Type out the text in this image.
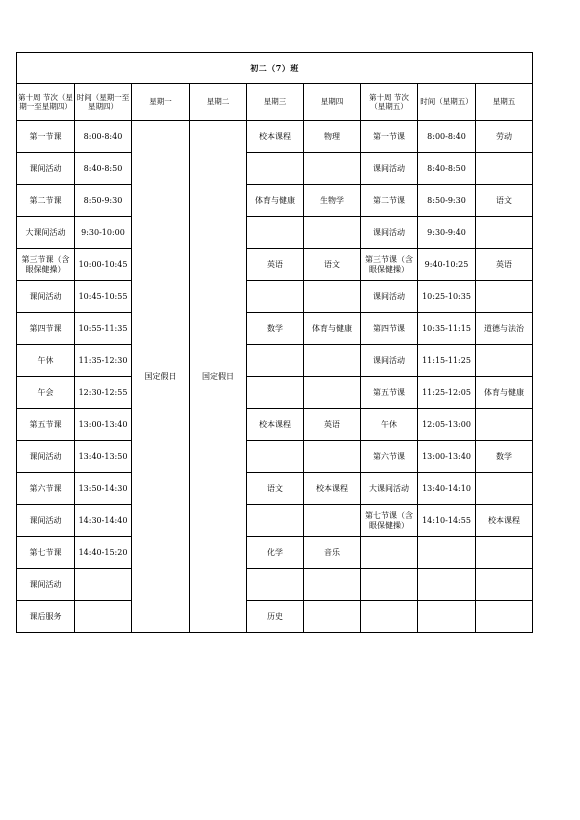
初二（7）班								
第十周 节次（星期一至星期四）	时间（星期一至星期四）	星期一	星期二	星期三	星期四	第十周 节次（星期五）	时间（星期五）	星期五
第一节课	8:00-8:40	国定假日	国定假日	校本课程	物理	第一节课	8:00-8:40	劳动
课间活动	8:40-8:50					课间活动	8:40-8:50	
第二节课	8:50-9:30			体育与健康	生物学	第二节课	8:50-9:30	语文
大课间活动	9:30-10:00					课间活动	9:30-9:40	
第三节课（含眼保健操）	10:00-10:45			英语	语文	第三节课（含眼保健操）	9:40-10:25	英语
课间活动	10:45-10:55					课间活动	10:25-10:35	
第四节课	10:55-11:35			数学	体育与健康	第四节课	10:35-11:15	道德与法治
午休	11:35-12:30					课间活动	11:15-11:25	
午会	12:30-12:55					第五节课	11:25-12:05	体育与健康
第五节课	13:00-13:40			校本课程	英语	午休	12:05-13:00	
课间活动	13:40-13:50					第六节课	13:00-13:40	数学
第六节课	13:50-14:30			语文	校本课程	大课间活动	13:40-14:10	
课间活动	14:30-14:40					第七节课（含眼保健操）	14:10-14:55	校本课程
第七节课	14:40-15:20			化学	音乐			
课间活动								
课后服务				历史				
